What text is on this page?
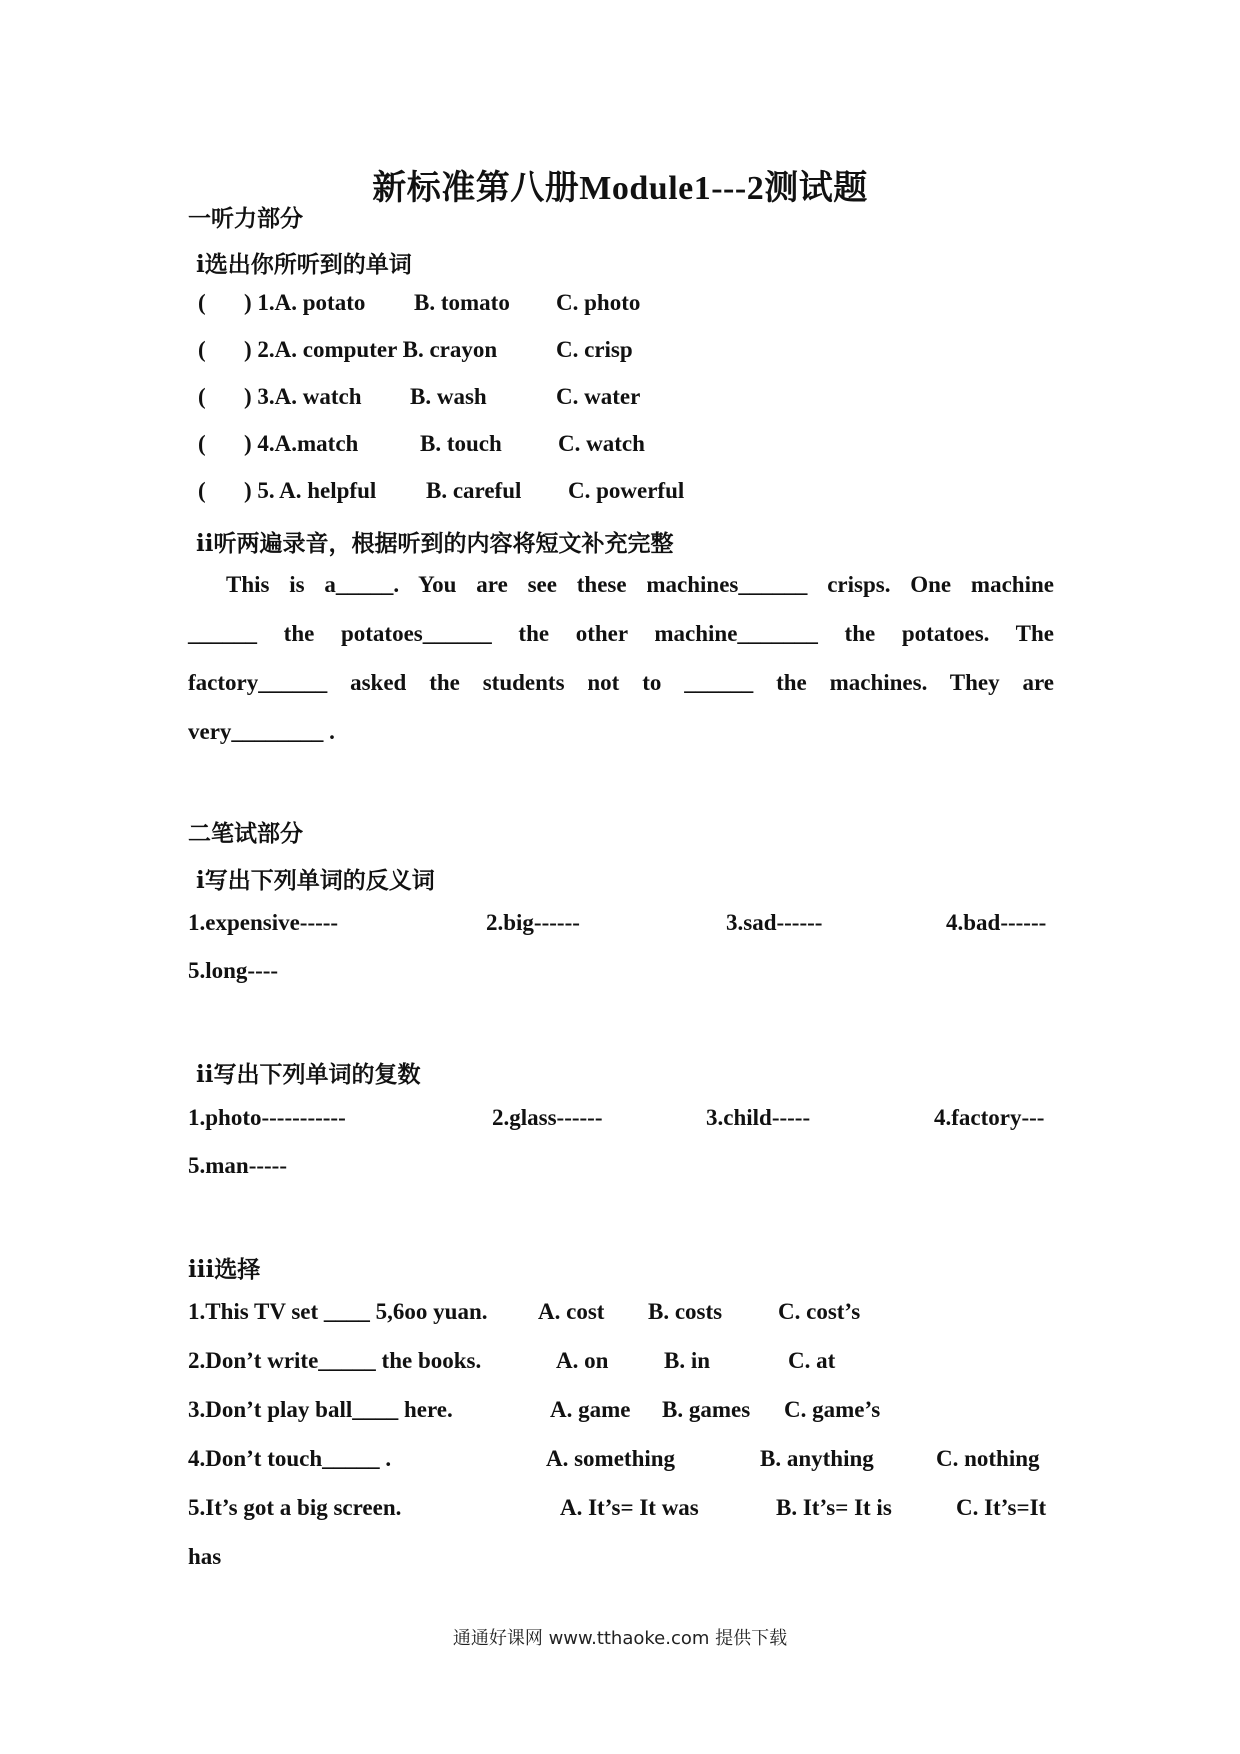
新标准第八册Module1---2测试题
一听力部分
ⅰ选出你所听到的单词
( ) 1.A. potato B. tomato C. photo
( ) 2.A. computer B. crayon	C. crisp
( ) 3.A. watch B. wash	C. water
( ) 4.A.match	B. touch C. watch
( ) 5. A. helpful B. careful C. powerful
ⅱ听两遍录音，根据听到的内容将短文补充完整
This is a_____. You are see these machines______ crisps. One machine
______ the potatoes______ the other machine_______ the potatoes. The
factory______ asked the students not to ______ the machines. They are
very________ .
二笔试部分
ⅰ写出下列单词的反义词
1.expensive-----	2.big------	3.sad------	4.bad------
5.long----
ⅱ写出下列单词的复数
1.photo-----------	2.glass------	3.child-----	4.factory---
5.man-----
ⅲ选择
1.This TV set ____ 5,6oo yuan. A. cost B. costs C. cost’s
2.Don’t write_____ the books.	A. on B. in	C. at
3.Don’t play ball____ here.	A. game B. games C. game’s
4.Don’t touch_____ .	A. something	B. anything	C. nothing
5.It’s got a big screen.	A. It’s= It was	B. It’s= It is	C. It’s=It
has
通通好课网 www.tthaoke.com 提供下载
